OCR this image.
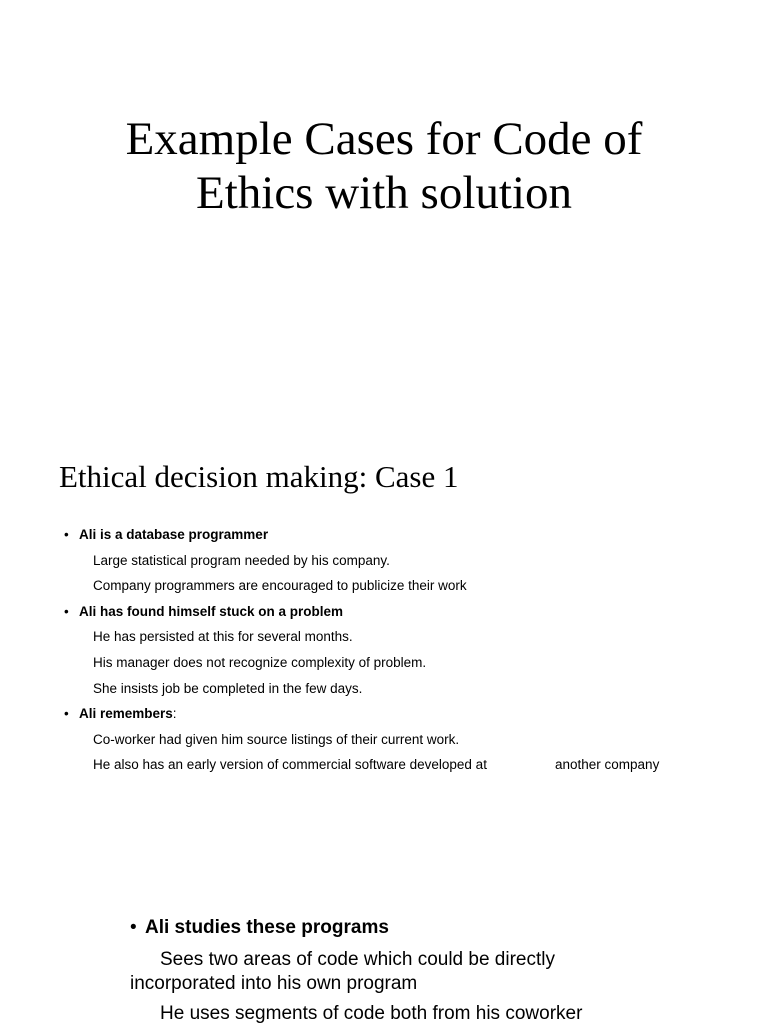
Example Cases for Code of
Ethics with solution
Ethical decision making: Case 1
• Ali is a database programmer
Large statistical program needed by his company.
Company programmers are encouraged to publicize their work
• Ali has found himself stuck on a problem
He has persisted at this for several months.
His manager does not recognize complexity of problem.
She insists job be completed in the few days.
• Ali remembers:
Co-worker had given him source listings of their current work.
He also has an early version of commercial software developed at	another company
• Ali studies these programs

Sees two areas of code which could be directly incorporated into his own program

He uses segments of code both from his coworker
